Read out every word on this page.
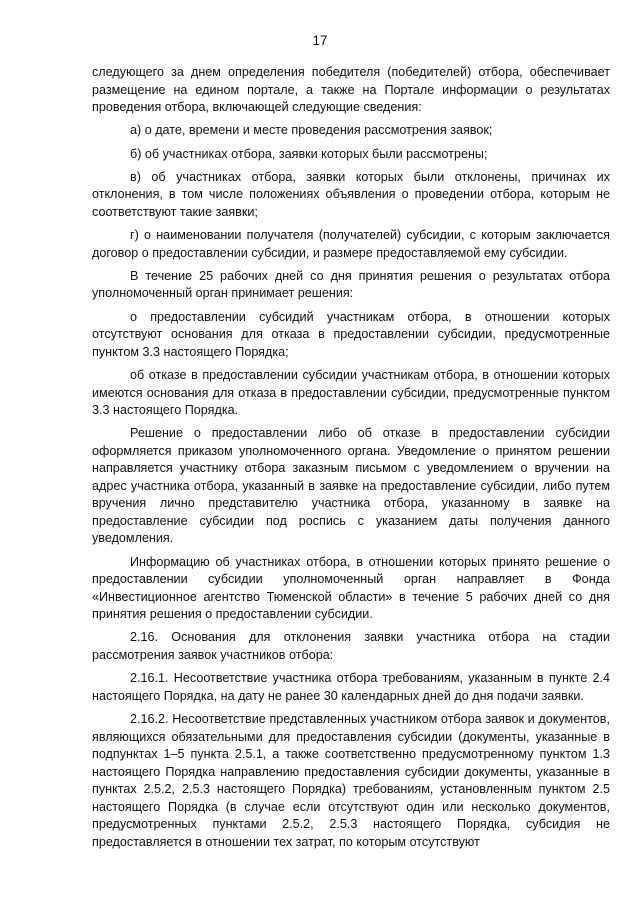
17

следующего за днем определения победителя (победителей) отбора, обеспечивает размещение на едином портале, а также на Портале информации о результатах проведения отбора, включающей следующие сведения:

а) о дате, времени и месте проведения рассмотрения заявок;

б) об участниках отбора, заявки которых были рассмотрены;

в) об участниках отбора, заявки которых были отклонены, причинах их отклонения, в том числе положениях объявления о проведении отбора, которым не соответствуют такие заявки;

г) о наименовании получателя (получателей) субсидии, с которым заключается договор о предоставлении субсидии, и размере предоставляемой ему субсидии.

В течение 25 рабочих дней со дня принятия решения о результатах отбора уполномоченный орган принимает решения:

о предоставлении субсидий участникам отбора, в отношении которых отсутствуют основания для отказа в предоставлении субсидии, предусмотренные пунктом 3.3 настоящего Порядка;

об отказе в предоставлении субсидии участникам отбора, в отношении которых имеются основания для отказа в предоставлении субсидии, предусмотренные пунктом 3.3 настоящего Порядка.

Решение о предоставлении либо об отказе в предоставлении субсидии оформляется приказом уполномоченного органа. Уведомление о принятом решении направляется участнику отбора заказным письмом с уведомлением о вручении на адрес участника отбора, указанный в заявке на предоставление субсидии, либо путем вручения лично представителю участника отбора, указанному в заявке на предоставление субсидии под роспись с указанием даты получения данного уведомления.

Информацию об участниках отбора, в отношении которых принято решение о предоставлении субсидии уполномоченный орган направляет в Фонда «Инвестиционное агентство Тюменской области» в течение 5 рабочих дней со дня принятия решения о предоставлении субсидии.

2.16. Основания для отклонения заявки участника отбора на стадии рассмотрения заявок участников отбора:

2.16.1. Несоответствие участника отбора требованиям, указанным в пункте 2.4 настоящего Порядка, на дату не ранее 30 календарных дней до дня подачи заявки.

2.16.2. Несоответствие представленных участником отбора заявок и документов, являющихся обязательными для предоставления субсидии (документы, указанные в подпунктах 1–5 пункта 2.5.1, а также соответственно предусмотренному пунктом 1.3 настоящего Порядка направлению предоставления субсидии документы, указанные в пунктах 2.5.2, 2.5.3 настоящего Порядка) требованиям, установленным пунктом 2.5 настоящего Порядка (в случае если отсутствуют один или несколько документов, предусмотренных пунктами 2.5.2, 2.5.3 настоящего Порядка, субсидия не предоставляется в отношении тех затрат, по которым отсутствуют
